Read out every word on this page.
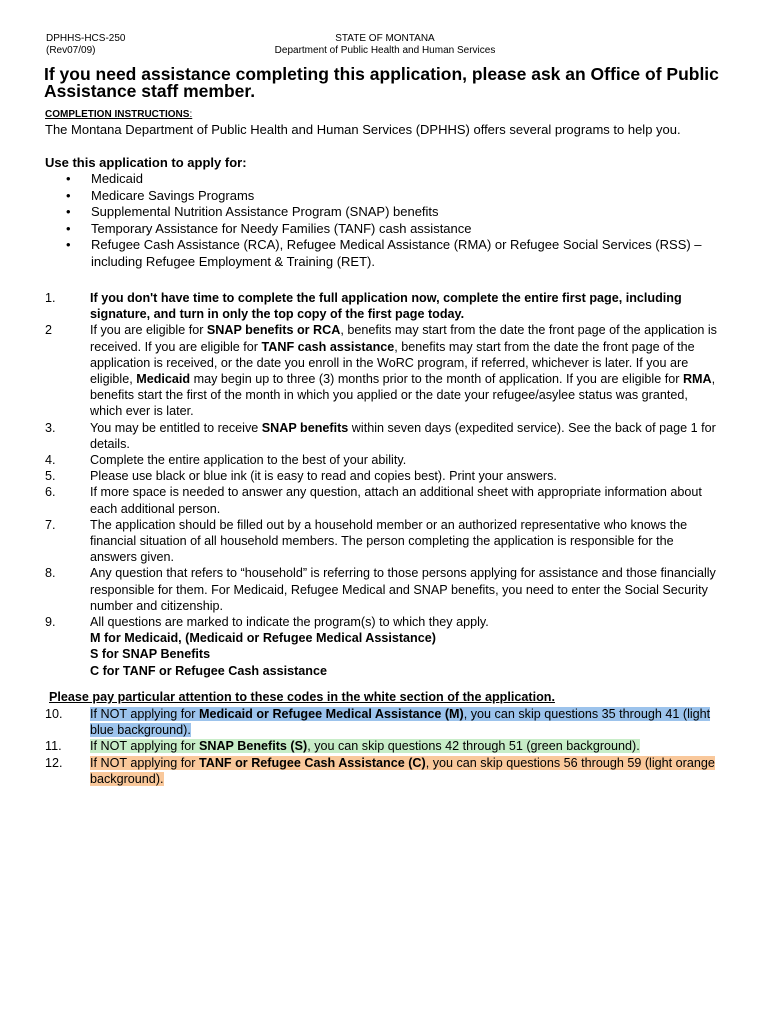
DPHHS-HCS-250
(Rev07/09)
STATE OF MONTANA
Department of Public Health and Human Services
If you need assistance completing this application, please ask an Office of Public Assistance staff member.
COMPLETION INSTRUCTIONS:
The Montana Department of Public Health and Human Services (DPHHS) offers several programs to help you.
Use this application to apply for:
• Medicaid
• Medicare Savings Programs
• Supplemental Nutrition Assistance Program (SNAP) benefits
• Temporary Assistance for Needy Families (TANF) cash assistance
• Refugee Cash Assistance (RCA), Refugee Medical Assistance (RMA) or Refugee Social Services (RSS) – including Refugee Employment & Training (RET).
1.	If you don't have time to complete the full application now, complete the entire first page, including signature, and turn in only the top copy of the first page today.
2	If you are eligible for SNAP benefits or RCA, benefits may start from the date the front page of the application is received. If you are eligible for TANF cash assistance, benefits may start from the date the front page of the application is received, or the date you enroll in the WoRC program, if referred, whichever is later. If you are eligible, Medicaid may begin up to three (3) months prior to the month of application. If you are eligible for RMA, benefits start the first of the month in which you applied or the date your refugee/asylee status was granted, which ever is later.
3.	You may be entitled to receive SNAP benefits within seven days (expedited service). See the back of page 1 for details.
4.	Complete the entire application to the best of your ability.
5.	Please use black or blue ink (it is easy to read and copies best). Print your answers.
6.	If more space is needed to answer any question, attach an additional sheet with appropriate information about each additional person.
7.	The application should be filled out by a household member or an authorized representative who knows the financial situation of all household members. The person completing the application is responsible for the answers given.
8.	Any question that refers to “household” is referring to those persons applying for assistance and those financially responsible for them. For Medicaid, Refugee Medical and SNAP benefits, you need to enter the Social Security number and citizenship.
9.	All questions are marked to indicate the program(s) to which they apply.
M for Medicaid, (Medicaid or Refugee Medical Assistance)
S for SNAP Benefits
C for TANF or Refugee Cash assistance
Please pay particular attention to these codes in the white section of the application.
10. If NOT applying for Medicaid or Refugee Medical Assistance (M), you can skip questions 35 through 41 (light blue background).
11. If NOT applying for SNAP Benefits (S), you can skip questions 42 through 51 (green background).
12. If NOT applying for TANF or Refugee Cash Assistance (C), you can skip questions 56 through 59 (light orange background).
